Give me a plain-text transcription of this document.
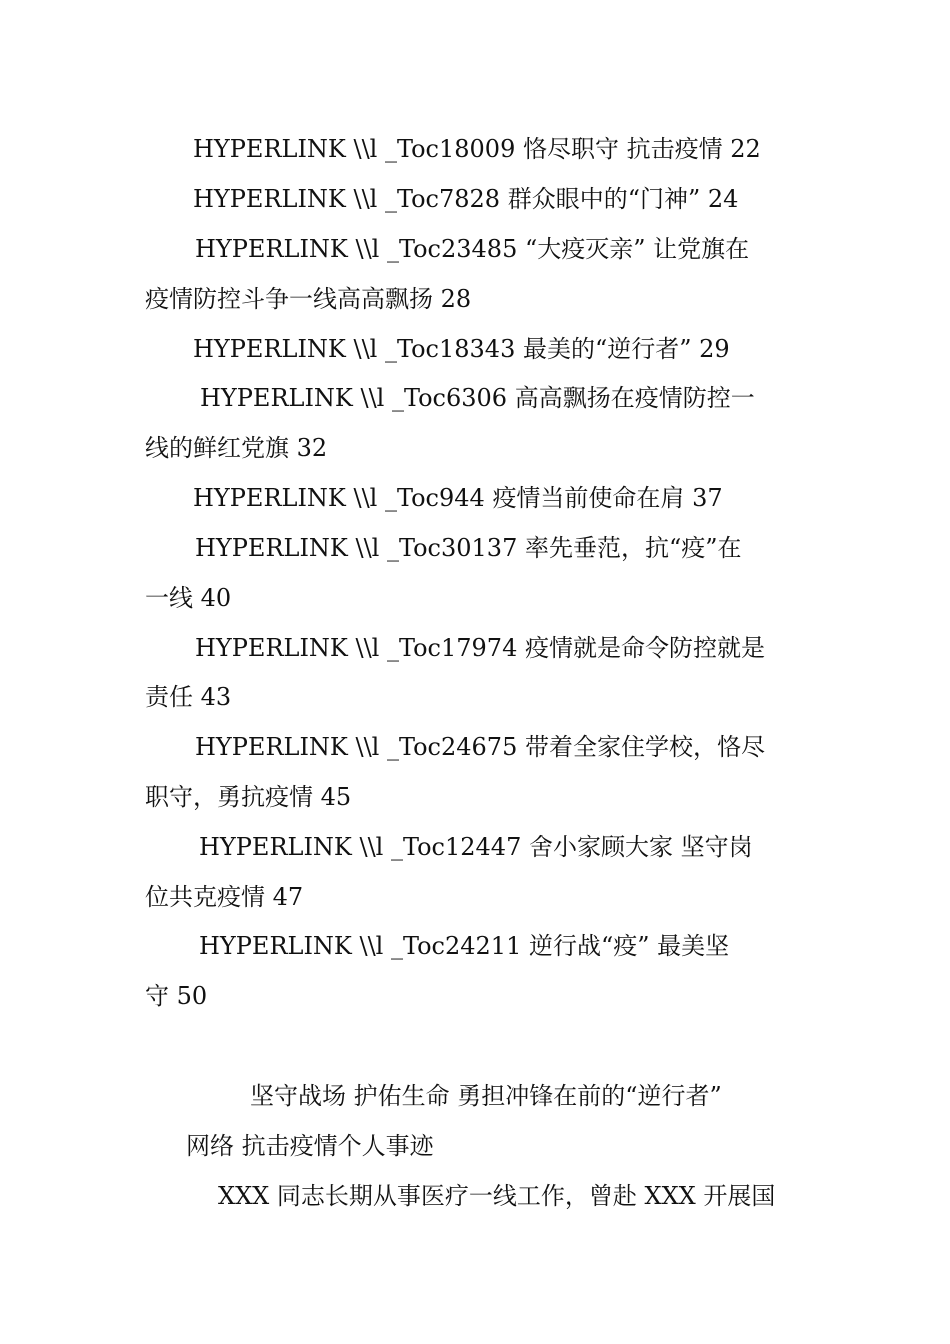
HYPERLINK \\l _Toc18009 恪尽职守 抗击疫情 22
HYPERLINK \\l _Toc7828 群众眼中的“门神” 24
HYPERLINK \\l _Toc23485 “大疫灭亲” 让党旗在
疫情防控斗争一线高高飘扬 28
HYPERLINK \\l _Toc18343 最美的“逆行者” 29
HYPERLINK \\l _Toc6306 高高飘扬在疫情防控一
线的鲜红党旗 32
HYPERLINK \\l _Toc944 疫情当前使命在肩 37
HYPERLINK \\l _Toc30137 率先垂范，抗“疫”在
一线 40
HYPERLINK \\l _Toc17974 疫情就是命令防控就是
责任 43
HYPERLINK \\l _Toc24675 带着全家住学校，恪尽
职守，勇抗疫情 45
HYPERLINK \\l _Toc12447 舍小家顾大家 坚守岗
位共克疫情 47
HYPERLINK \\l _Toc24211 逆行战“疫” 最美坚
守 50
坚守战场 护佑生命 勇担冲锋在前的“逆行者”
网络 抗击疫情个人事迹
XXX 同志长期从事医疗一线工作，曾赴 XXX 开展国
